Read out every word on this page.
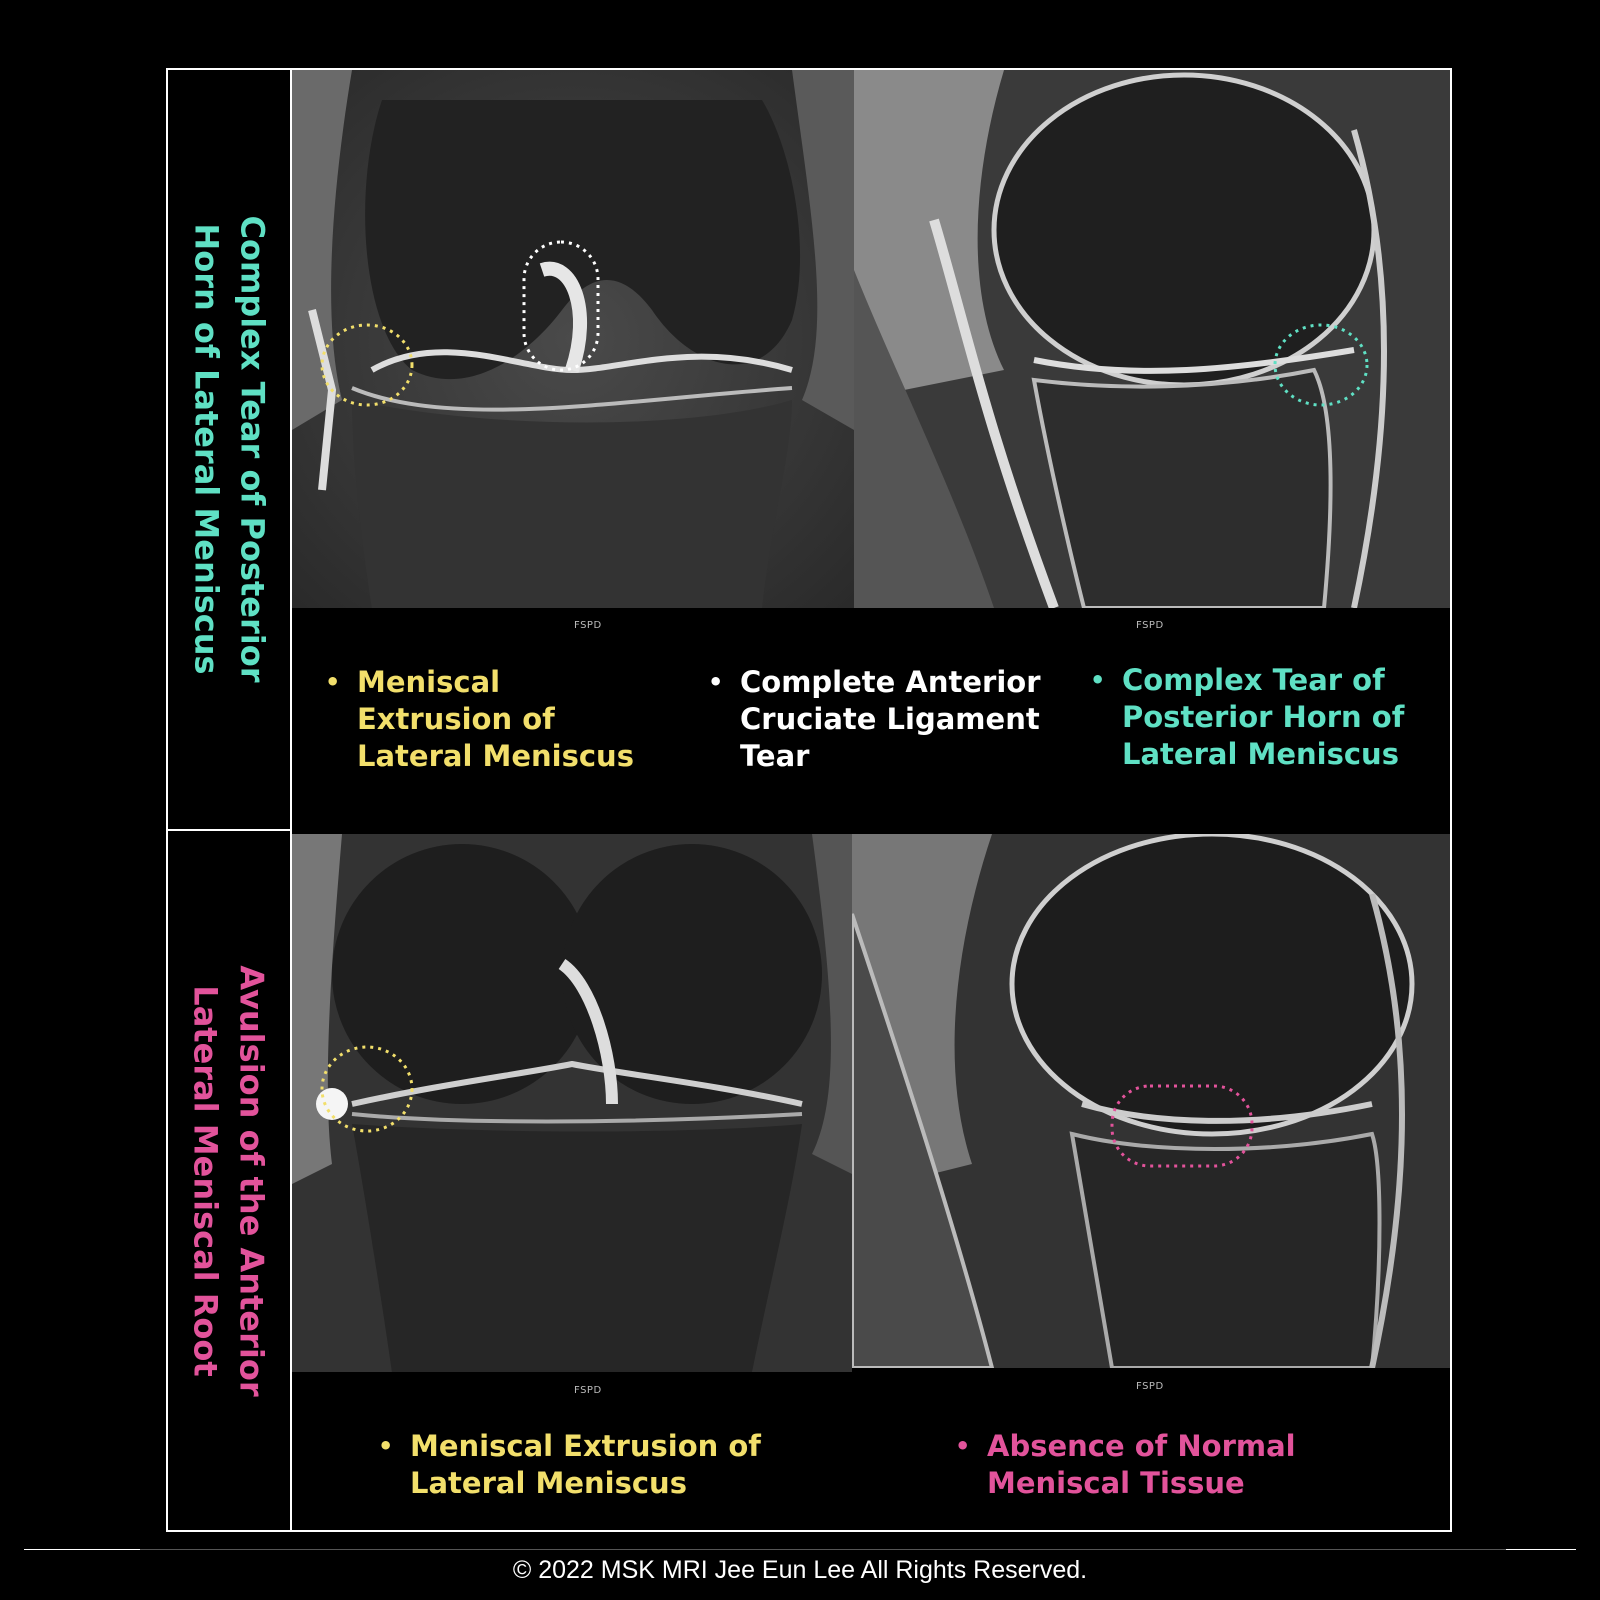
Complex Tear of Posterior
Horn of Lateral Meniscus
Avulsion of the Anterior
Lateral Meniscal Root
FSPD	FSPD
• Meniscal
Extrusion of
Lateral Meniscus
• Complete Anterior
Cruciate Ligament
Tear
• Complex Tear of
Posterior Horn of
Lateral Meniscus
FSPD	FSPD
• Meniscal Extrusion of
Lateral Meniscus
• Absence of Normal
Meniscal Tissue
© 2022 MSK MRI Jee Eun Lee All Rights Reserved.
